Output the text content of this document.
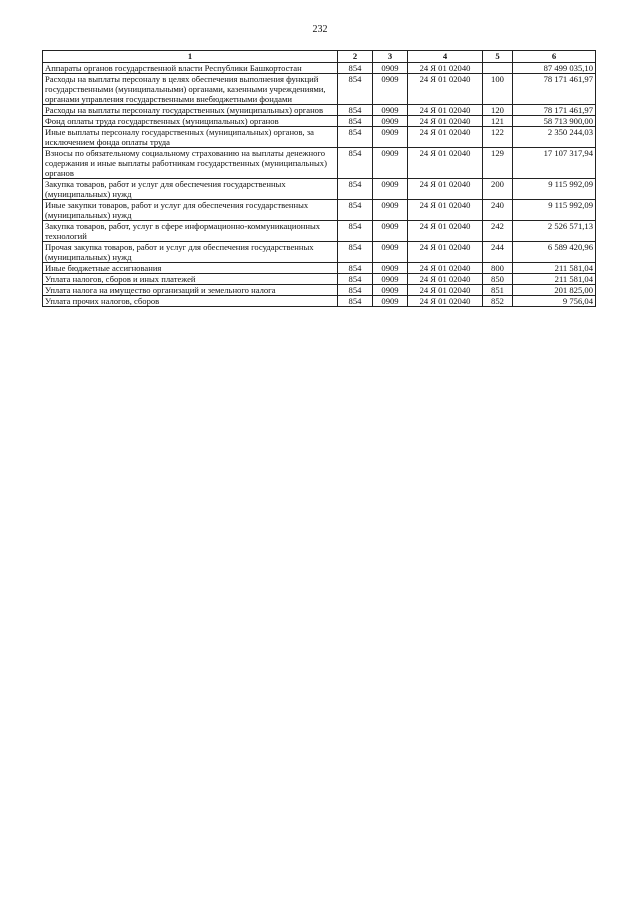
232
1	2	3	4	5	6
Аппараты органов государственной власти Республики Башкортостан	854	0909	24 Я 01 02040		87 499 035,10
Расходы на выплаты персоналу в целях обеспечения выполнения функций государственными (муниципальными) органами, казенными учреждениями, органами управления государственными внебюджетными фондами	854	0909	24 Я 01 02040	100	78 171 461,97
Расходы на выплаты персоналу государственных (муниципальных) органов	854	0909	24 Я 01 02040	120	78 171 461,97
Фонд оплаты труда государственных (муниципальных) органов	854	0909	24 Я 01 02040	121	58 713 900,00
Иные выплаты персоналу государственных (муниципальных) органов, за исключением фонда оплаты труда	854	0909	24 Я 01 02040	122	2 350 244,03
Взносы по обязательному социальному страхованию на выплаты денежного содержания и иные выплаты работникам государственных (муниципальных) органов	854	0909	24 Я 01 02040	129	17 107 317,94
Закупка товаров, работ и услуг для обеспечения государственных (муниципальных) нужд	854	0909	24 Я 01 02040	200	9 115 992,09
Иные закупки товаров, работ и услуг для обеспечения государственных (муниципальных) нужд	854	0909	24 Я 01 02040	240	9 115 992,09
Закупка товаров, работ, услуг в сфере информационно-коммуникационных технологий	854	0909	24 Я 01 02040	242	2 526 571,13
Прочая закупка товаров, работ и услуг для обеспечения государственных (муниципальных) нужд	854	0909	24 Я 01 02040	244	6 589 420,96
Иные бюджетные ассигнования	854	0909	24 Я 01 02040	800	211 581,04
Уплата налогов, сборов и иных платежей	854	0909	24 Я 01 02040	850	211 581,04
Уплата налога на имущество организаций и земельного налога	854	0909	24 Я 01 02040	851	201 825,00
Уплата прочих налогов, сборов	854	0909	24 Я 01 02040	852	9 756,04
